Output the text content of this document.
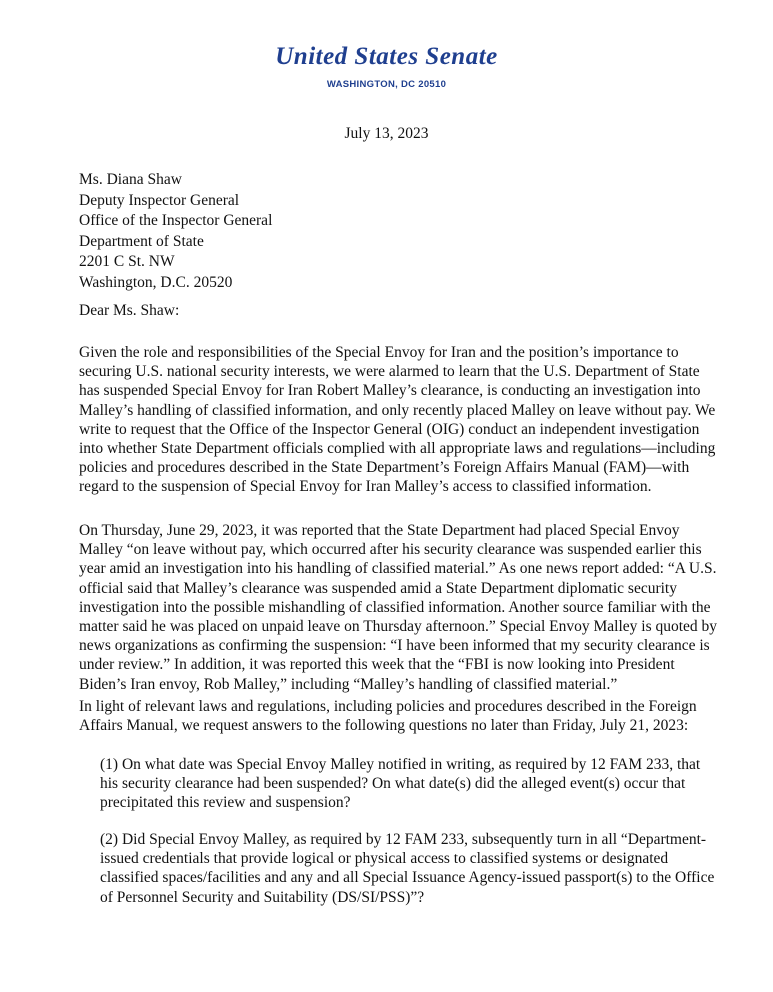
United States Senate
WASHINGTON, DC 20510
July 13, 2023
Ms. Diana Shaw
Deputy Inspector General
Office of the Inspector General
Department of State
2201 C St. NW
Washington, D.C. 20520
Dear Ms. Shaw:
Given the role and responsibilities of the Special Envoy for Iran and the position’s importance to securing U.S. national security interests, we were alarmed to learn that the U.S. Department of State has suspended Special Envoy for Iran Robert Malley’s clearance, is conducting an investigation into Malley’s handling of classified information, and only recently placed Malley on leave without pay. We write to request that the Office of the Inspector General (OIG) conduct an independent investigation into whether State Department officials complied with all appropriate laws and regulations—including policies and procedures described in the State Department’s Foreign Affairs Manual (FAM)—with regard to the suspension of Special Envoy for Iran Malley’s access to classified information.
On Thursday, June 29, 2023, it was reported that the State Department had placed Special Envoy Malley “on leave without pay, which occurred after his security clearance was suspended earlier this year amid an investigation into his handling of classified material.” As one news report added: “A U.S. official said that Malley’s clearance was suspended amid a State Department diplomatic security investigation into the possible mishandling of classified information. Another source familiar with the matter said he was placed on unpaid leave on Thursday afternoon.” Special Envoy Malley is quoted by news organizations as confirming the suspension: “I have been informed that my security clearance is under review.” In addition, it was reported this week that the “FBI is now looking into President Biden’s Iran envoy, Rob Malley,” including “Malley’s handling of classified material.”
In light of relevant laws and regulations, including policies and procedures described in the Foreign Affairs Manual, we request answers to the following questions no later than Friday, July 21, 2023:
(1) On what date was Special Envoy Malley notified in writing, as required by 12 FAM 233, that his security clearance had been suspended? On what date(s) did the alleged event(s) occur that precipitated this review and suspension?
(2) Did Special Envoy Malley, as required by 12 FAM 233, subsequently turn in all “Department-issued credentials that provide logical or physical access to classified systems or designated classified spaces/facilities and any and all Special Issuance Agency-issued passport(s) to the Office of Personnel Security and Suitability (DS/SI/PSS)”?
